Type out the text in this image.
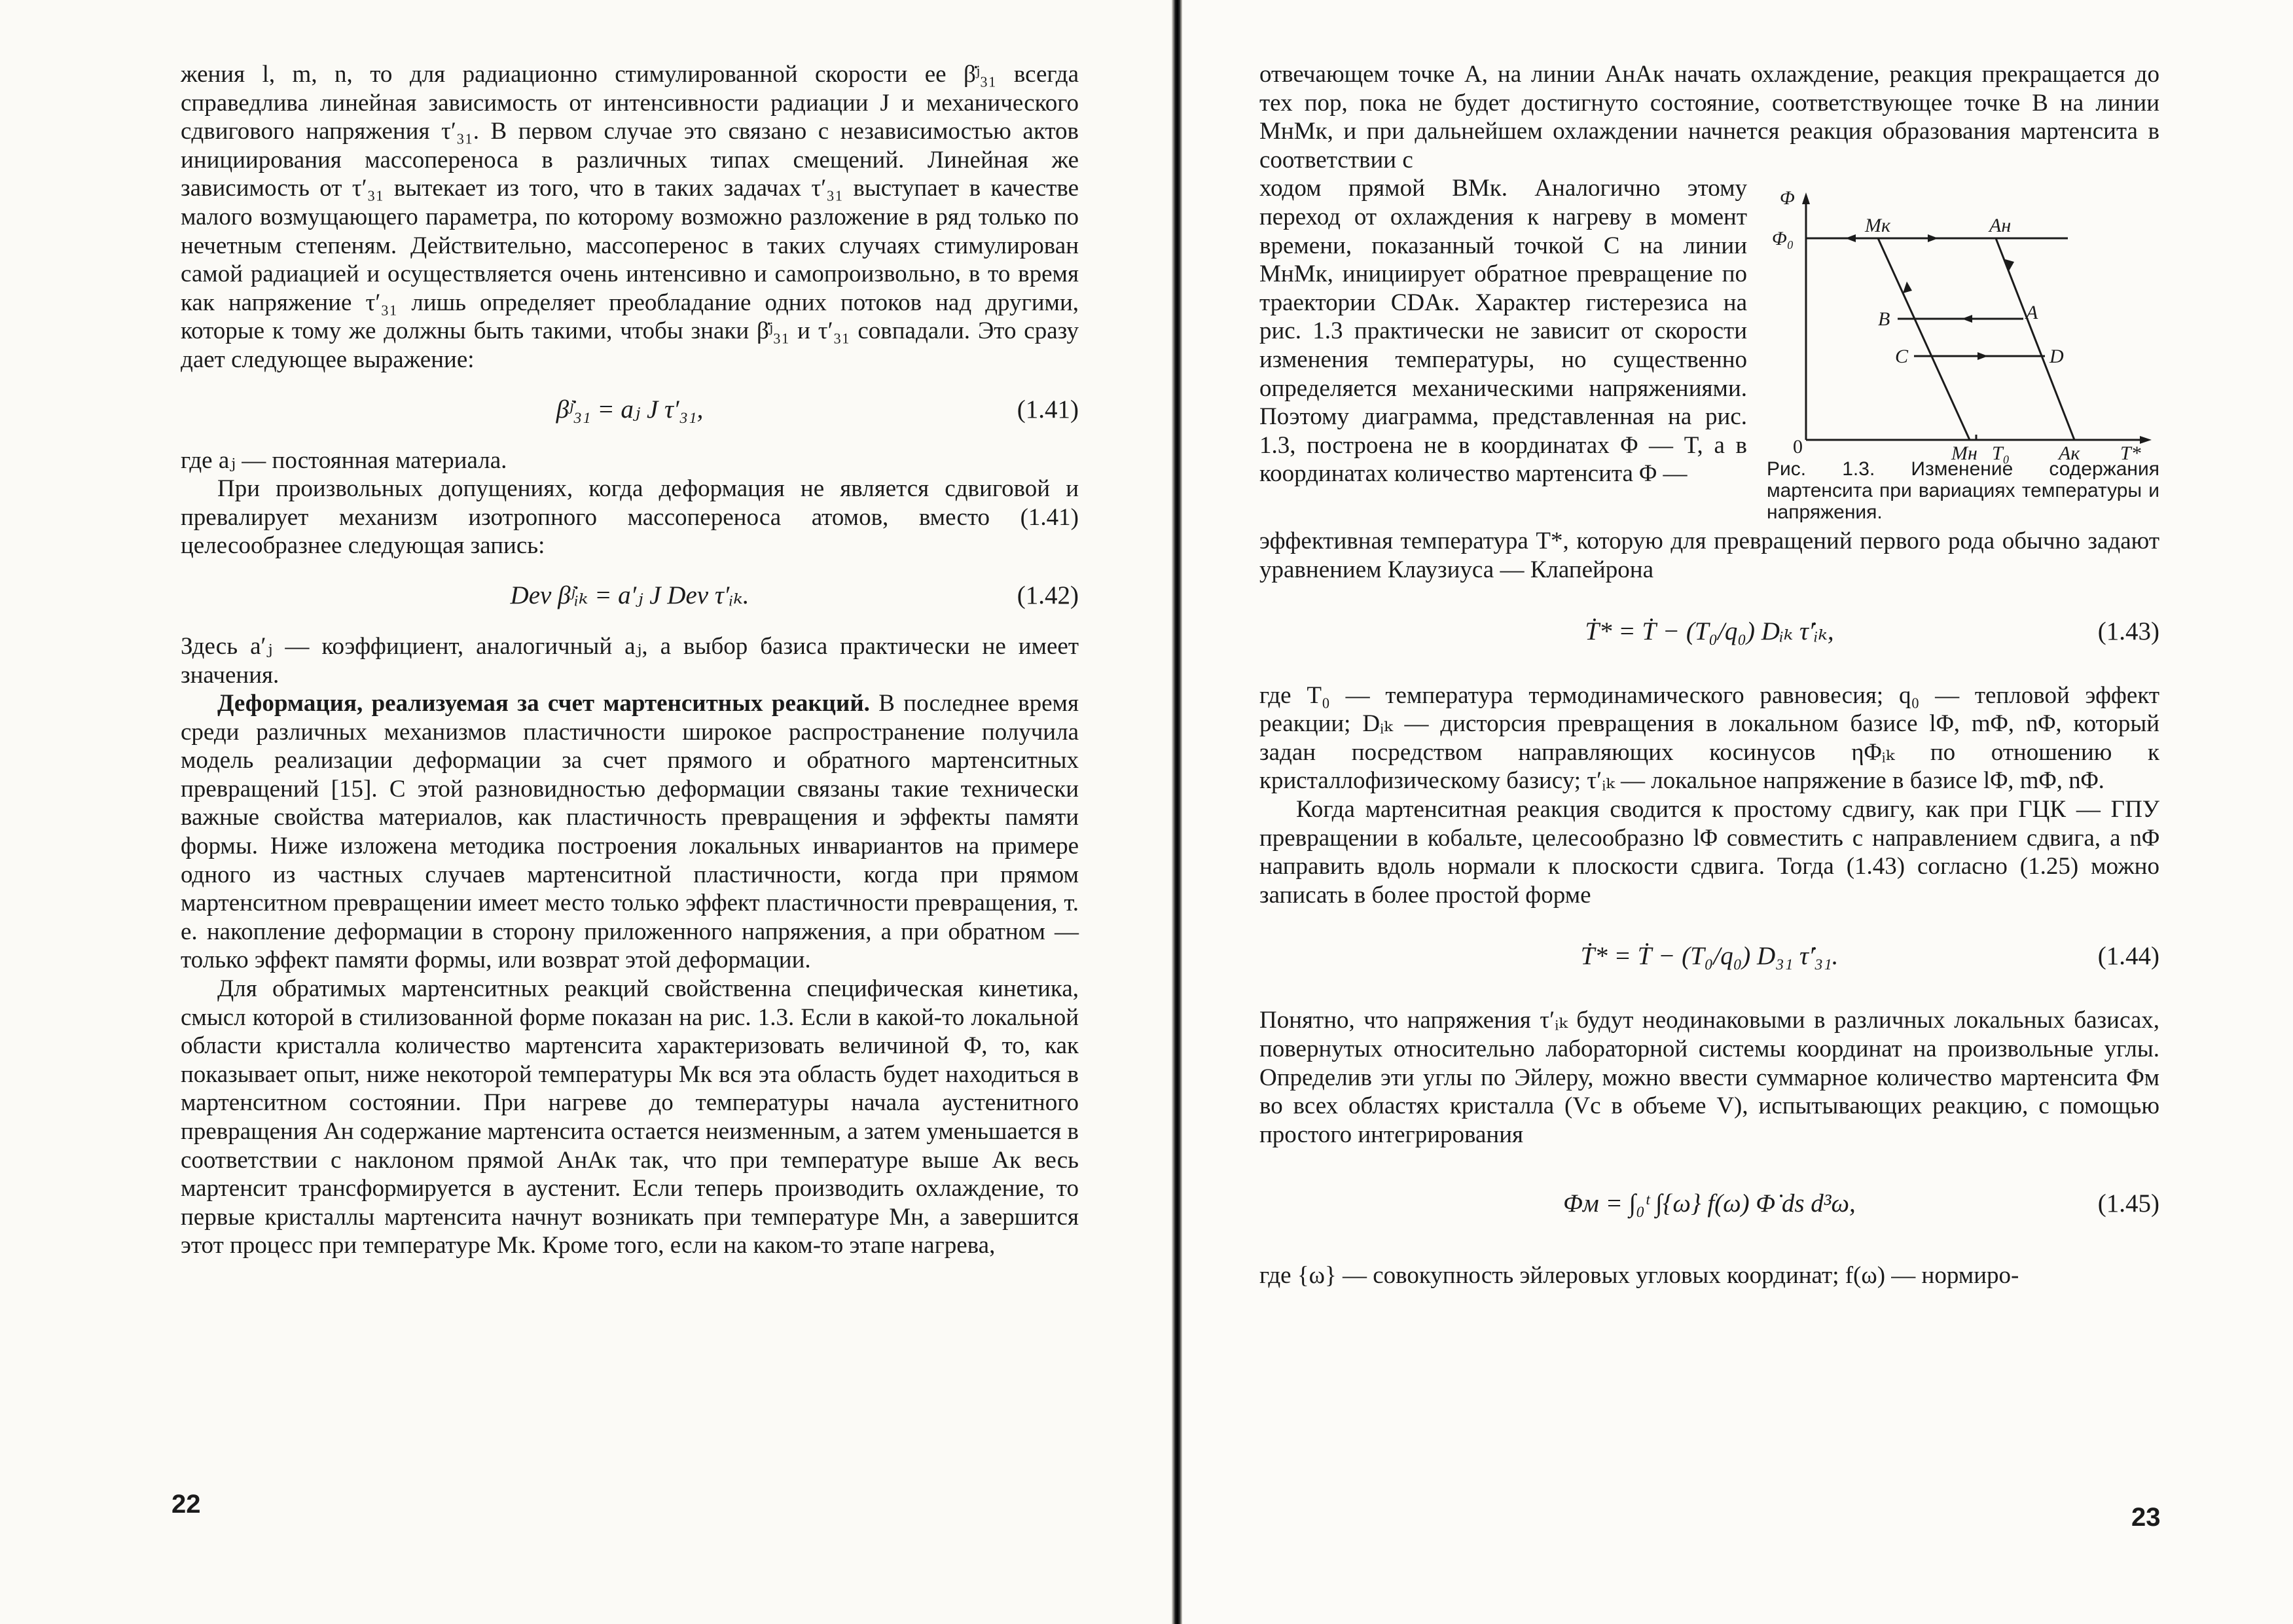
жения l, m, n, то для радиационно стимулированной скорости ее β̇ʲ₃₁ всегда справедлива линейная зависимость от интенсивности радиации J и механического сдвигового напряжения τ′₃₁. В первом случае это связано с независимостью актов инициирования массопереноса в различных типах смещений. Линейная же зависимость от τ′₃₁ вытекает из того, что в таких задачах τ′₃₁ выступает в качестве малого возмущающего параметра, по которому возможно разложение в ряд только по нечетным степеням. Действительно, массоперенос в таких случаях стимулирован самой радиацией и осуществляется очень интенсивно и самопроизвольно, в то время как напряжение τ′₃₁ лишь определяет преобладание одних потоков над другими, которые к тому же должны быть такими, чтобы знаки β̇ʲ₃₁ и τ′₃₁ совпадали. Это сразу дает следующее выражение:

β̇ʲ₃₁ = aⱼ J τ′₃₁,	(1.41)

где aⱼ — постоянная материала.

При произвольных допущениях, когда деформация не является сдвиговой и превалирует механизм изотропного массопереноса атомов, вместо (1.41) целесообразнее следующая запись:

Dev β̇ʲᵢₖ = a′ⱼ J Dev τ′ᵢₖ.	(1.42)

Здесь a′ⱼ — коэффициент, аналогичный aⱼ, а выбор базиса практически не имеет значения.

Деформация, реализуемая за счет мартенситных реакций. В последнее время среди различных механизмов пластичности широкое распространение получила модель реализации деформации за счет прямого и обратного мартенситных превращений [15]. С этой разновидностью деформации связаны такие технически важные свойства материалов, как пластичность превращения и эффекты памяти формы. Ниже изложена методика построения локальных инвариантов на примере одного из частных случаев мартенситной пластичности, когда при прямом мартенситном превращении имеет место только эффект пластичности превращения, т. е. накопление деформации в сторону приложенного напряжения, а при обратном — только эффект памяти формы, или возврат этой деформации.

Для обратимых мартенситных реакций свойственна специфическая кинетика, смысл которой в стилизованной форме показан на рис. 1.3. Если в какой-то локальной области кристалла количество мартенсита характеризовать величиной Φ, то, как показывает опыт, ниже некоторой температуры Mк вся эта область будет находиться в мартенситном состоянии. При нагреве до температуры начала аустенитного превращения Aн содержание мартенсита остается неизменным, а затем уменьшается в соответствии с наклоном прямой AнAк так, что при температуре выше Aк весь мартенсит трансформируется в аустенит. Если теперь производить охлаждение, то первые кристаллы мартенсита начнут возникать при температуре Mн, а завершится этот процесс при температуре Mк. Кроме того, если на каком-то этапе нагрева,

22

отвечающем точке A, на линии AнAк начать охлаждение, реакция прекращается до тех пор, пока не будет достигнуто состояние, соответствующее точке B на линии MнMк, и при дальнейшем охлаждении начнется реакция образования мартенсита в соответствии с

Φ
Φ₀
0
Mк	Aн
A
B
C	D
Mн T₀ Aк T*
Рис. 1.3. Изменение содержания мартенсита при вариациях температуры и напряжения.

ходом прямой BMк. Аналогично этому переход от охлаждения к нагреву в момент времени, показанный точкой C на линии MнMк, инициирует обратное превращение по траектории CDAк. Характер гистерезиса на рис. 1.3 практически не зависит от скорости изменения температуры, но существенно определяется механическими напряжениями. Поэтому диаграмма, представленная на рис. 1.3, построена не в координатах Φ — T, а в координатах количество мартенсита Φ —

эффективная температура T*, которую для превращений первого рода обычно задают уравнением Клаузиуса — Клапейрона

Ṫ* = Ṫ − (T₀/q₀) Dᵢₖ τ̇′ᵢₖ,	(1.43)

где T₀ — температура термодинамического равновесия; q₀ — тепловой эффект реакции; Dᵢₖ — дисторсия превращения в локальном базисе lΦ, mΦ, nΦ, который задан посредством направляющих косинусов ηΦᵢₖ по отношению к кристаллофизическому базису; τ′ᵢₖ — локальное напряжение в базисе lΦ, mΦ, nΦ.

Когда мартенситная реакция сводится к простому сдвигу, как при ГЦК — ГПУ превращении в кобальте, целесообразно lΦ совместить с направлением сдвига, а nΦ направить вдоль нормали к плоскости сдвига. Тогда (1.43) согласно (1.25) можно записать в более простой форме

Ṫ* = Ṫ − (T₀/q₀) D₃₁ τ̇′₃₁.	(1.44)

Понятно, что напряжения τ′ᵢₖ будут неодинаковыми в различных локальных базисах, повернутых относительно лабораторной системы координат на произвольные углы. Определив эти углы по Эйлеру, можно ввести суммарное количество мартенсита Φм во всех областях кристалла (Vc в объеме V), испытывающих реакцию, с помощью простого интегрирования

Φм = ∫₀ᵗ ∫{ω} f(ω) Φ̇ ds d³ω,	(1.45)

где {ω} — совокупность эйлеровых угловых координат; f(ω) — нормиро-

23
